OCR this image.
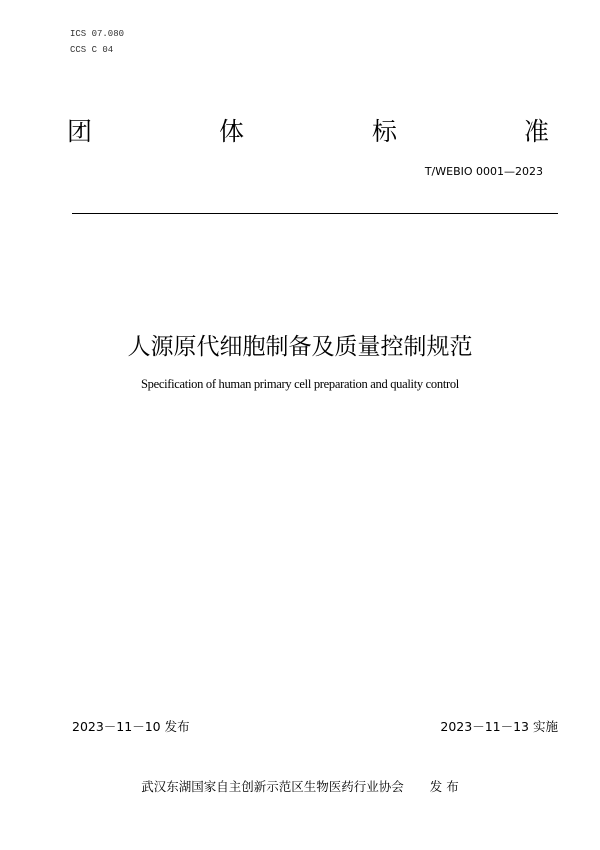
ICS 07.080
CCS C 04
团	体	标	准
T/WEBIO 0001—2023
人源原代细胞制备及质量控制规范
Specification of human primary cell preparation and quality control
2023－11－10 发布	2023－11－13 实施
武汉东湖国家自主创新示范区生物医药行业协会 发 布
